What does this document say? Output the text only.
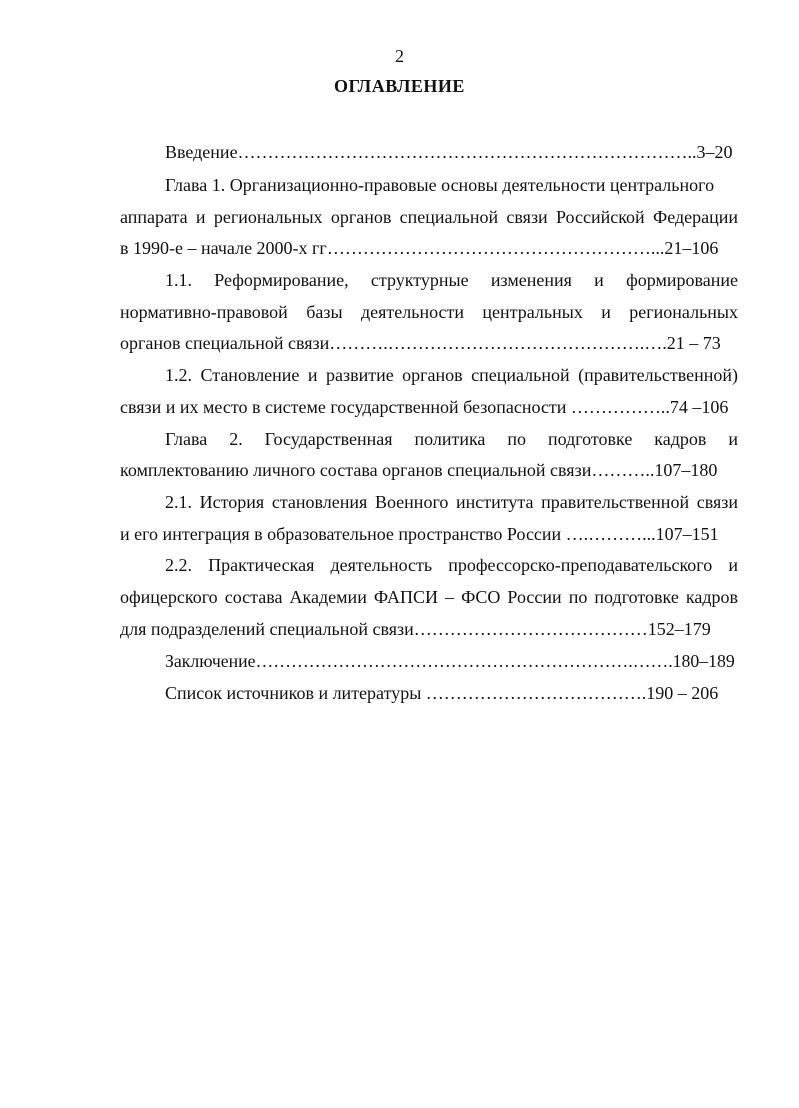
2
ОГЛАВЛЕНИЕ
Введение…………………………………………………………………..3–20
Глава 1. Организационно-правовые основы деятельности центрального
аппарата и региональных органов специальной связи Российской Федерации
в 1990-е – начале 2000-х гг………………………………………………...21–106
1.1. Реформирование, структурные изменения и формирование
нормативно-правовой базы деятельности центральных и региональных
органов специальной связи……….…………………………………….….21 – 73
1.2. Становление и развитие органов специальной (правительственной)
связи и их место в системе государственной безопасности ……………..74 –106
Глава 2. Государственная политика по подготовке кадров и
комплектованию личного состава органов специальной связи………..107–180
2.1. История становления Военного института правительственной связи
и его интеграция в образовательное пространство России ….………...107–151
2.2. Практическая деятельность профессорско-преподавательского и
офицерского состава Академии ФАПСИ – ФСО России по подготовке кадров
для подразделений специальной связи…………………………………152–179
Заключение……………………………………………………….…….180–189
Список источников и литературы ……………………………….190 – 206
